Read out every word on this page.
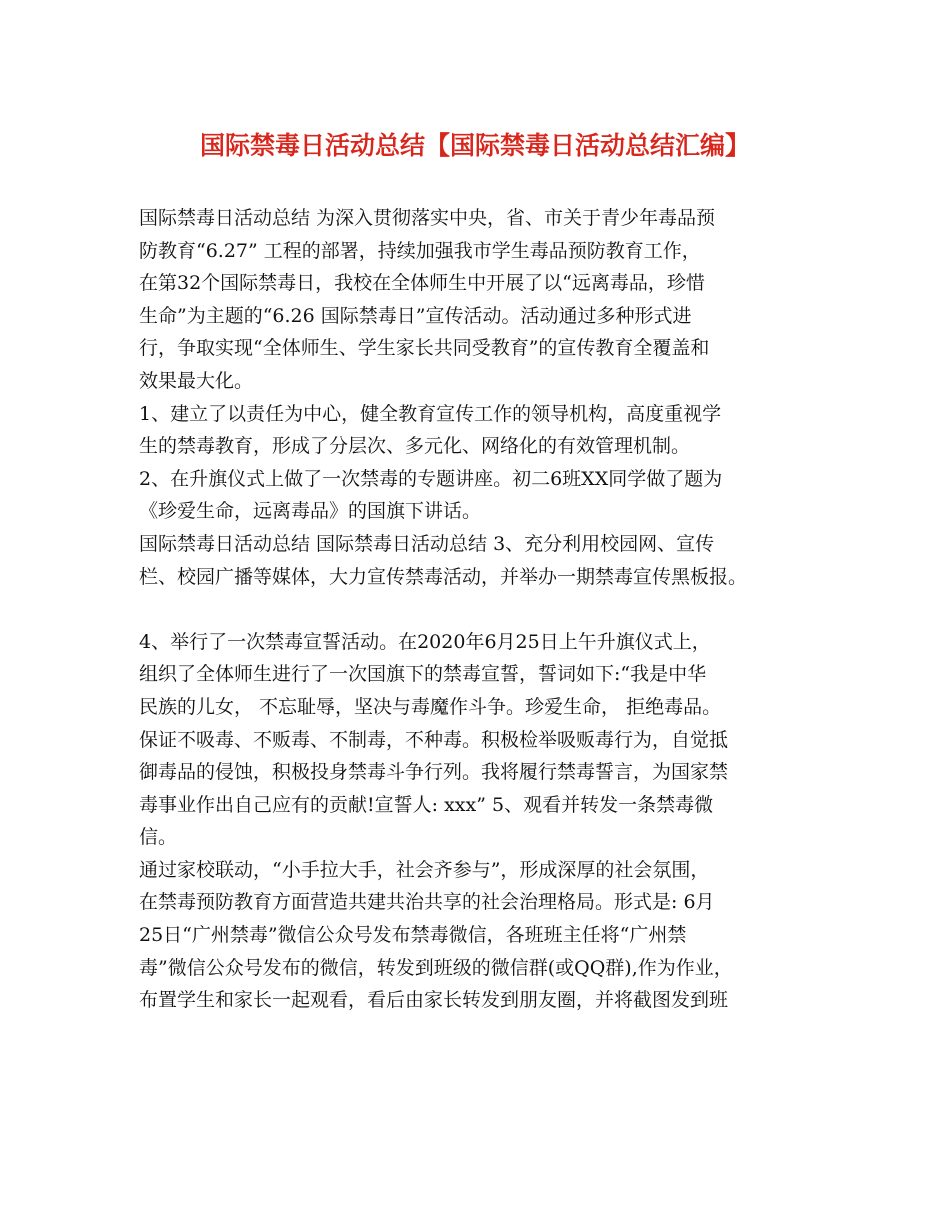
国际禁毒日活动总结【国际禁毒日活动总结汇编】
国际禁毒日活动总结 为深入贯彻落实中央，省、市关于青少年毒品预
防教育“6.27” 工程的部署，持续加强我市学生毒品预防教育工作，
在第32个国际禁毒日，我校在全体师生中开展了以“远离毒品，珍惜
生命”为主题的“6.26 国际禁毒日”宣传活动。活动通过多种形式进
行，争取实现“全体师生、学生家长共同受教育”的宣传教育全覆盖和
效果最大化。
1、建立了以责任为中心，健全教育宣传工作的领导机构，高度重视学
生的禁毒教育，形成了分层次、多元化、网络化的有效管理机制。
2、在升旗仪式上做了一次禁毒的专题讲座。初二6班XX同学做了题为
《珍爱生命，远离毒品》的国旗下讲话。
国际禁毒日活动总结 国际禁毒日活动总结 3、充分利用校园网、宣传
栏、校园广播等媒体，大力宣传禁毒活动，并举办一期禁毒宣传黑板报。
4、举行了一次禁毒宣誓活动。在2020年6月25日上午升旗仪式上，
组织了全体师生进行了一次国旗下的禁毒宣誓，誓词如下:“我是中华
民族的儿女， 不忘耻辱，坚决与毒魔作斗争。珍爱生命， 拒绝毒品。
保证不吸毒、不贩毒、不制毒，不种毒。积极检举吸贩毒行为，自觉抵
御毒品的侵蚀，积极投身禁毒斗争行列。我将履行禁毒誓言，为国家禁
毒事业作出自己应有的贡献!宣誓人: xxx” 5、观看并转发一条禁毒微
信。
通过家校联动，“小手拉大手，社会齐参与”，形成深厚的社会氛围，
在禁毒预防教育方面营造共建共治共享的社会治理格局。形式是: 6月
25日“广州禁毒”微信公众号发布禁毒微信，各班班主任将“广州禁
毒”微信公众号发布的微信，转发到班级的微信群(或QQ群),作为作业，
布置学生和家长一起观看，看后由家长转发到朋友圈，并将截图发到班
